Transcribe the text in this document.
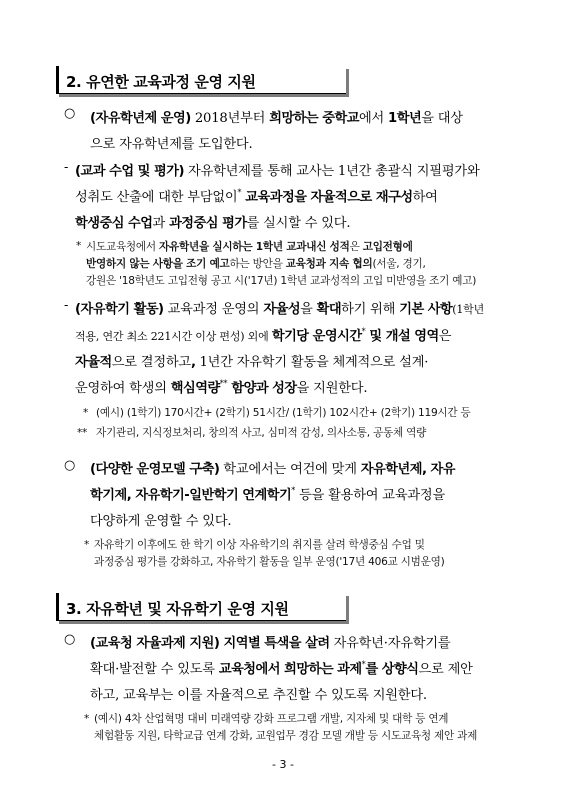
2. 유연한 교육과정 운영 지원
○ (자유학년제 운영) 2018년부터 희망하는 중학교에서 1학년을 대상
으로 자유학년제를 도입한다.
- (교과 수업 및 평가) 자유학년제를 통해 교사는 1년간 총괄식 지필평가와
성취도 산출에 대한 부담없이* 교육과정을 자율적으로 재구성하여
학생중심 수업과 과정중심 평가를 실시할 수 있다.
* 시도교육청에서 자유학년을 실시하는 1학년 교과내신 성적은 고입전형에
반영하지 않는 사항을 조기 예고하는 방안을 교육청과 지속 협의(서울, 경기,
강원은 '18학년도 고입전형 공고 시('17년) 1학년 교과성적의 고입 미반영을 조기 예고)
- (자유학기 활동) 교육과정 운영의 자율성을 확대하기 위해 기본 사항(1학년
적용, 연간 최소 221시간 이상 편성) 외에 학기당 운영시간* 및 개설 영역은
자율적으로 결정하고, 1년간 자유학기 활동을 체계적으로 설계·
운영하여 학생의 핵심역량** 함양과 성장을 지원한다.
* (예시) (1학기) 170시간+ (2학기) 51시간/ (1학기) 102시간+ (2학기) 119시간 등
** 자기관리, 지식정보처리, 창의적 사고, 심미적 감성, 의사소통, 공동체 역량
○ (다양한 운영모델 구축) 학교에서는 여건에 맞게 자유학년제, 자유
학기제, 자유학기-일반학기 연계학기* 등을 활용하여 교육과정을
다양하게 운영할 수 있다.
* 자유학기 이후에도 한 학기 이상 자유학기의 취지를 살려 학생중심 수업 및
과정중심 평가를 강화하고, 자유학기 활동을 일부 운영('17년 406교 시범운영)
3. 자유학년 및 자유학기 운영 지원
○ (교육청 자율과제 지원) 지역별 특색을 살려 자유학년·자유학기를
확대·발전할 수 있도록 교육청에서 희망하는 과제*를 상향식으로 제안
하고, 교육부는 이를 자율적으로 추진할 수 있도록 지원한다.
* (예시) 4차 산업혁명 대비 미래역량 강화 프로그램 개발, 지자체 및 대학 등 연계
체험활동 지원, 타학교급 연계 강화, 교원업무 경감 모델 개발 등 시도교육청 제안 과제
- 3 -
